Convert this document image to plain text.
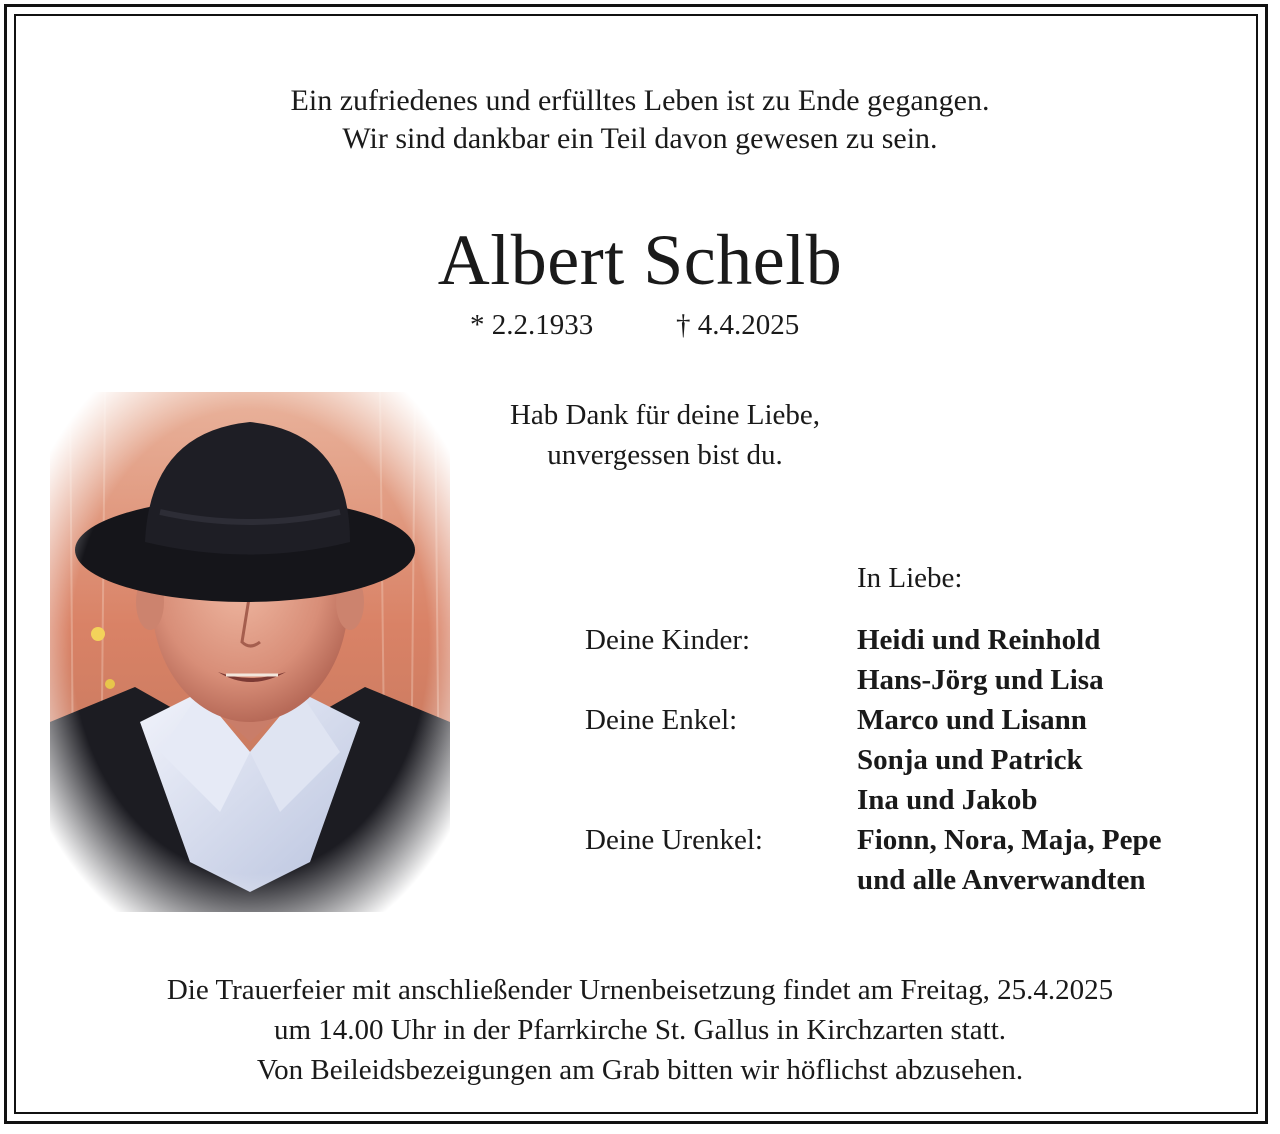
Ein zufriedenes und erfülltes Leben ist zu Ende gegangen.
Wir sind dankbar ein Teil davon gewesen zu sein.
Albert Schelb
* 2.2.1933	† 4.4.2025
Hab Dank für deine Liebe,
unvergessen bist du.
In Liebe:
Deine Kinder:	Heidi und Reinhold
Hans-Jörg und Lisa
Deine Enkel:	Marco und Lisann
Sonja und Patrick
Ina und Jakob
Deine Urenkel:	Fionn, Nora, Maja, Pepe
und alle Anverwandten
Die Trauerfeier mit anschließender Urnenbeisetzung findet am Freitag, 25.4.2025
um 14.00 Uhr in der Pfarrkirche St. Gallus in Kirchzarten statt.
Von Beileidsbezeigungen am Grab bitten wir höflichst abzusehen.
